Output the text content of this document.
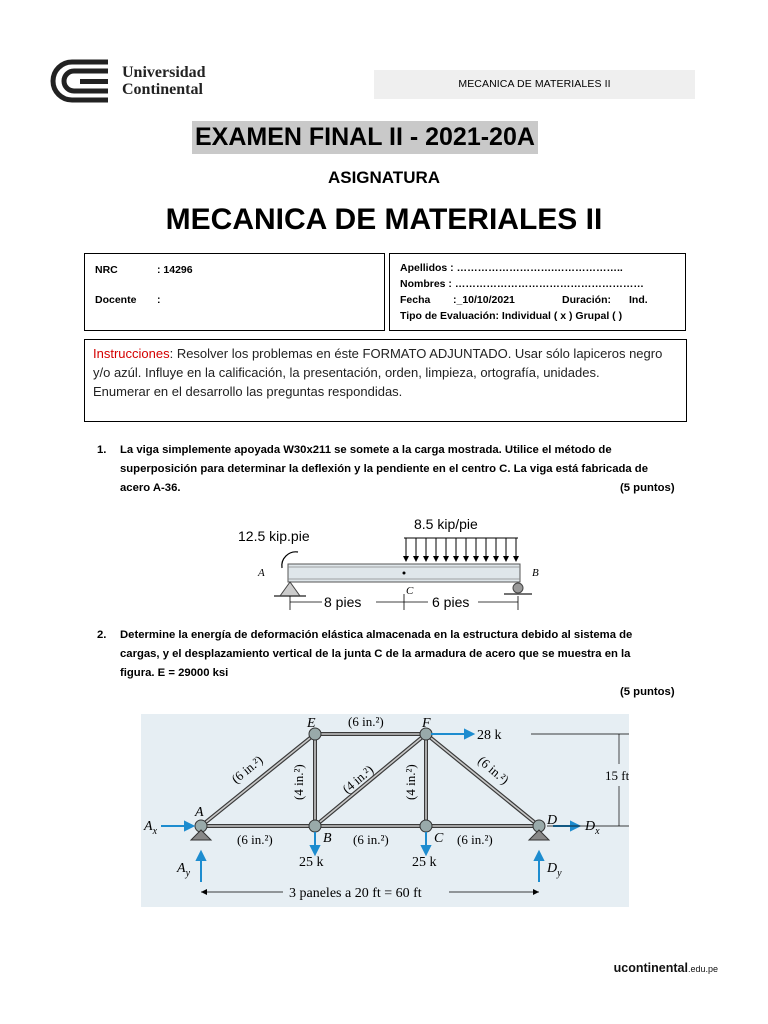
Universidad
Continental	MECANICA DE MATERIALES II
EXAMEN FINAL II - 2021-20A
ASIGNATURA
MECANICA DE MATERIALES II
NRC	: 14296
Docente :
Apellidos : ……………………….………………..
Nombres : ………………………………………………
Fecha :_10/10/2021	Duración: Ind.
Tipo de Evaluación: Individual ( x ) Grupal ( )
Instrucciones: Resolver los problemas en éste FORMATO ADJUNTADO. Usar sólo lapiceros negro y/o azúl. Influye en la calificación, la presentación, orden, limpieza, ortografía, unidades.
Enumerar en el desarrollo las preguntas respondidas.
1. La viga simplemente apoyada W30x211 se somete a la carga mostrada. Utilice el método de
superposición para determinar la deflexión y la pendiente en el centro C. La viga está fabricada de
acero A-36.	(5 puntos)
12.5 kip.pie
8.5 kip/pie
C
A	B
8 pies	6 pies
2. Determine la energía de deformación elástica almacenada en la estructura debido al sistema de
cargas, y el desplazamiento vertical de la junta C de la armadura de acero que se muestra en la
figura. E = 29000 ksi
(5 puntos)
A
B	C
D
E	F
(6 in.²)
(6 in.²) (4 in.²)	(4 in.²) (4 in.²)	(6 in.²)
(6 in.²)	(6 in.²)	(6 in.²)
28 k
25 k	25 k
$A_x$
$A_y$
$D_x$
$D_y$
15 ft
3 paneles a 20 ft = 60 ft
ucontinental.edu.pe
